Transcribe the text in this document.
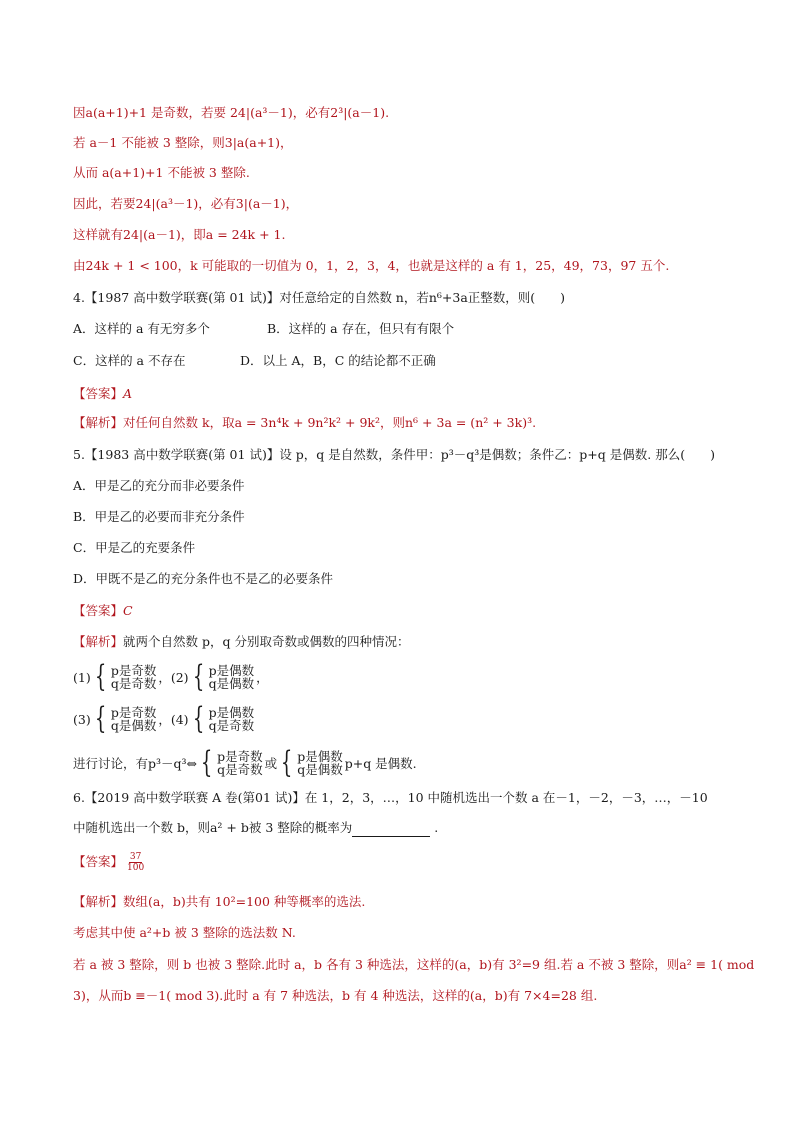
因a(a+1)+1 是奇数，若要 24|(a³－1)，必有2³|(a－1).
若 a－1 不能被 3 整除，则3|a(a+1)，
从而 a(a+1)+1 不能被 3 整除.
因此，若要24|(a³－1)，必有3|(a－1)，
这样就有24|(a－1)，即a = 24k + 1.
由24k + 1 < 100，k 可能取的一切值为 0，1，2，3，4，也就是这样的 a 有 1，25，49，73，97 五个.
4.【1987 高中数学联赛(第 01 试)】对任意给定的自然数 n，若n⁶+3a正整数，则(　　)
A．这样的 a 有无穷多个	B．这样的 a 存在，但只有有限个
C．这样的 a 不存在	D．以上 A，B，C 的结论都不正确
【答案】A
【解析】对任何自然数 k，取a = 3n⁴k + 9n²k² + 9k²，则n⁶ + 3a = (n² + 3k)³.
5.【1983 高中数学联赛(第 01 试)】设 p，q 是自然数，条件甲：p³－q³是偶数；条件乙：p+q 是偶数. 那么(　　)
A．甲是乙的充分而非必要条件
B．甲是乙的必要而非充分条件
C．甲是乙的充要条件
D．甲既不是乙的充分条件也不是乙的必要条件
【答案】C
【解析】就两个自然数 p，q 分别取奇数或偶数的四种情况：
(1) { p是奇数
q是奇数 ，(2) { p是偶数
q是偶数 ，
(3) { p是奇数
q是偶数 ，(4) { p是偶数
q是奇数
进行讨论，有p³－q³⇔ { p是奇数
q是奇数 或 { p是偶数
q是偶数 p+q 是偶数.
6.【2019 高中数学联赛 A 卷(第01 试)】在 1，2，3，…，10 中随机选出一个数 a 在－1，－2，－3，…，－10
中随机选出一个数 b，则a² + b被 3 整除的概率为	.
【答案】 $\frac{37}{100}$
【解析】数组(a，b)共有 10²=100 种等概率的选法.
考虑其中使 a²+b 被 3 整除的选法数 N.
若 a 被 3 整除，则 b 也被 3 整除.此时 a，b 各有 3 种选法，这样的(a，b)有 3²=9 组.若 a 不被 3 整除，则a² ≡ 1( mod
3)，从而b ≡－1( mod 3).此时 a 有 7 种选法，b 有 4 种选法，这样的(a，b)有 7×4=28 组.
